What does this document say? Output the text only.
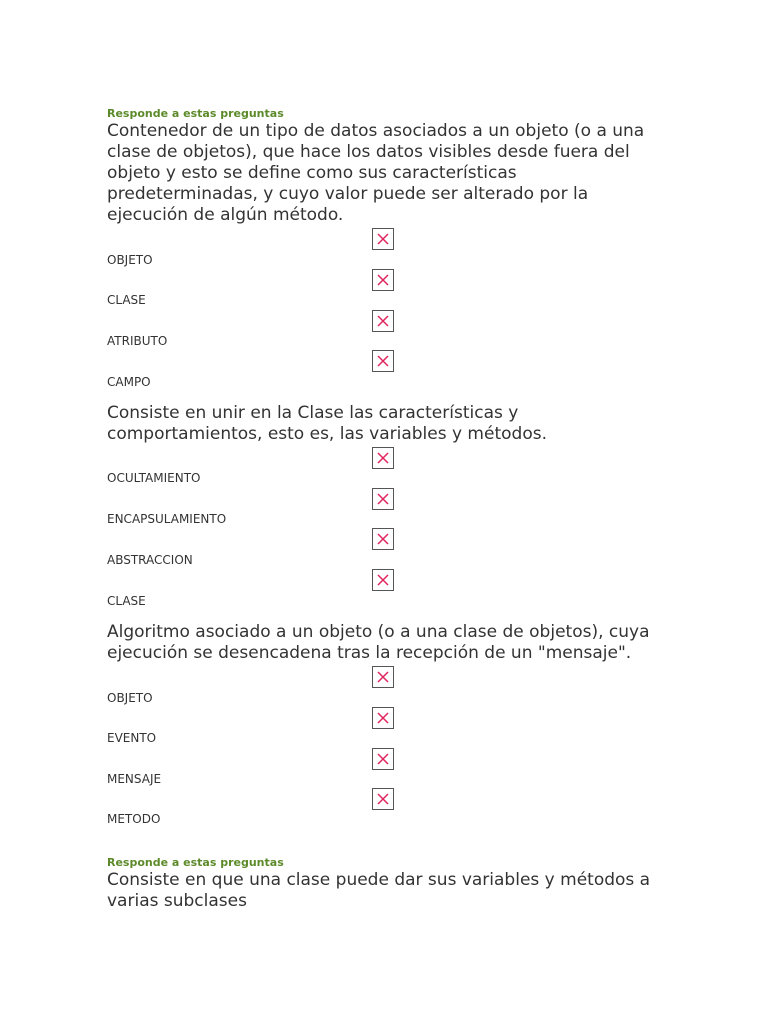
Responde a estas preguntas

Contenedor de un tipo de datos asociados a un objeto (o a una clase de objetos), que hace los datos visibles desde fuera del objeto y esto se define como sus características predeterminadas, y cuyo valor puede ser alterado por la ejecución de algún método.

OBJETO
CLASE
ATRIBUTO
CAMPO

Consiste en unir en la Clase las características y comportamientos, esto es, las variables y métodos.

OCULTAMIENTO
ENCAPSULAMIENTO
ABSTRACCION
CLASE

Algoritmo asociado a un objeto (o a una clase de objetos), cuya ejecución se desencadena tras la recepción de un "mensaje".

OBJETO
EVENTO
MENSAJE
METODO
Responde a estas preguntas

Consiste en que una clase puede dar sus variables y métodos a varias subclases
